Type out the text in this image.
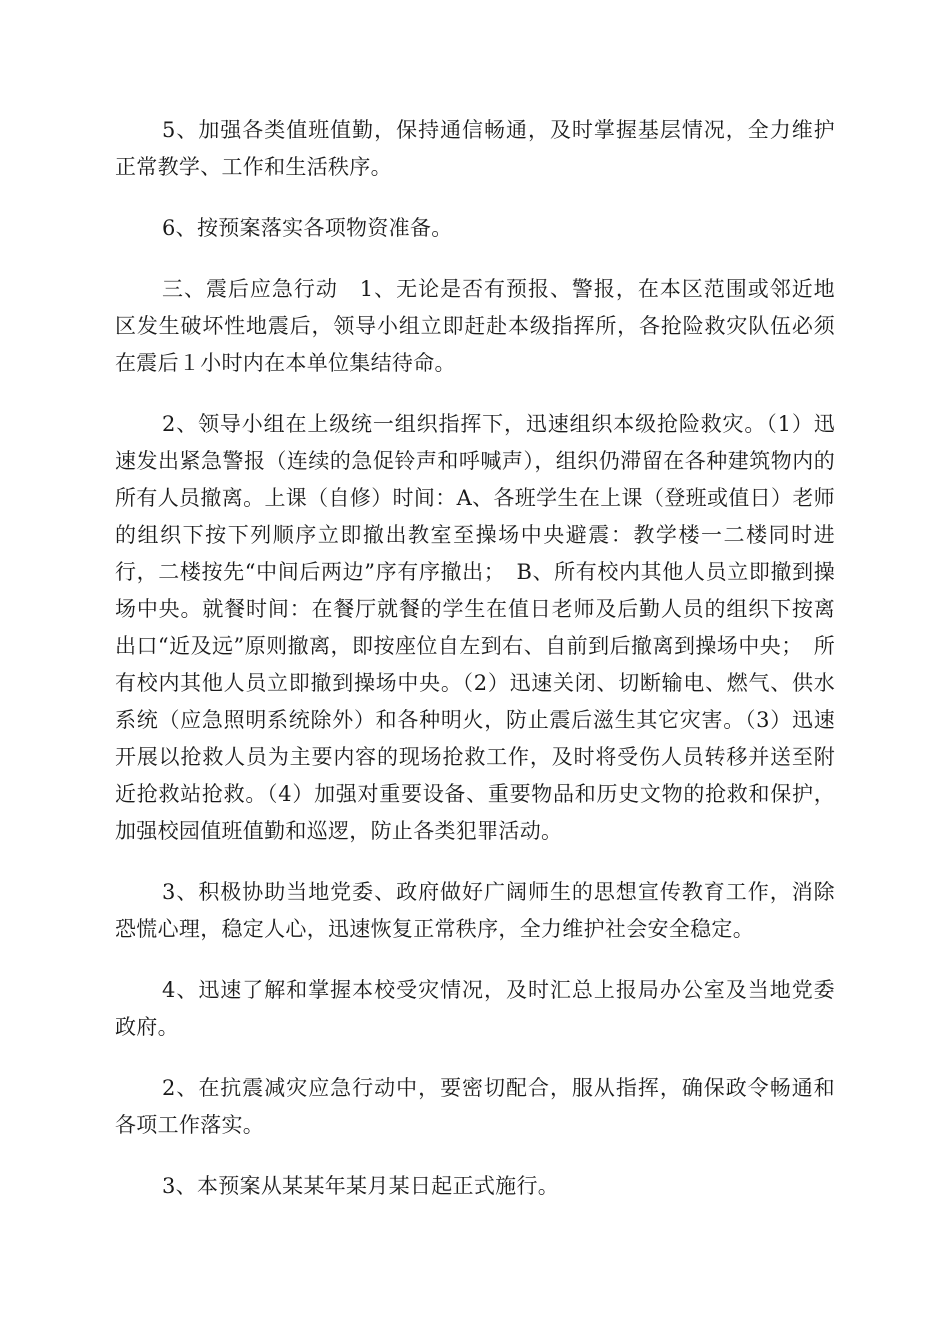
5、加强各类值班值勤，保持通信畅通，及时掌握基层情况，全力维护正常教学、工作和生活秩序。

6、按预案落实各项物资准备。

三、震后应急行动　1、无论是否有预报、警报，在本区范围或邻近地区发生破坏性地震后，领导小组立即赶赴本级指挥所，各抢险救灾队伍必须在震后１小时内在本单位集结待命。

2、领导小组在上级统一组织指挥下，迅速组织本级抢险救灾。（1）迅速发出紧急警报（连续的急促铃声和呼喊声），组织仍滞留在各种建筑物内的所有人员撤离。上课（自修）时间：A、各班学生在上课（登班或值日）老师的组织下按下列顺序立即撤出教室至操场中央避震：教学楼一二楼同时进行，二楼按先“中间后两边”序有序撤出；　B、所有校内其他人员立即撤到操场中央。就餐时间：在餐厅就餐的学生在值日老师及后勤人员的组织下按离出口“近及远”原则撤离，即按座位自左到右、自前到后撤离到操场中央；　所有校内其他人员立即撤到操场中央。（2）迅速关闭、切断输电、燃气、供水系统（应急照明系统除外）和各种明火，防止震后滋生其它灾害。（3）迅速开展以抢救人员为主要内容的现场抢救工作，及时将受伤人员转移并送至附近抢救站抢救。（4）加强对重要设备、重要物品和历史文物的抢救和保护，加强校园值班值勤和巡逻，防止各类犯罪活动。

3、积极协助当地党委、政府做好广阔师生的思想宣传教育工作，消除恐慌心理，稳定人心，迅速恢复正常秩序，全力维护社会安全稳定。

4、迅速了解和掌握本校受灾情况，及时汇总上报局办公室及当地党委政府。

2、在抗震减灾应急行动中，要密切配合，服从指挥，确保政令畅通和各项工作落实。

3、本预案从某某年某月某日起正式施行。
